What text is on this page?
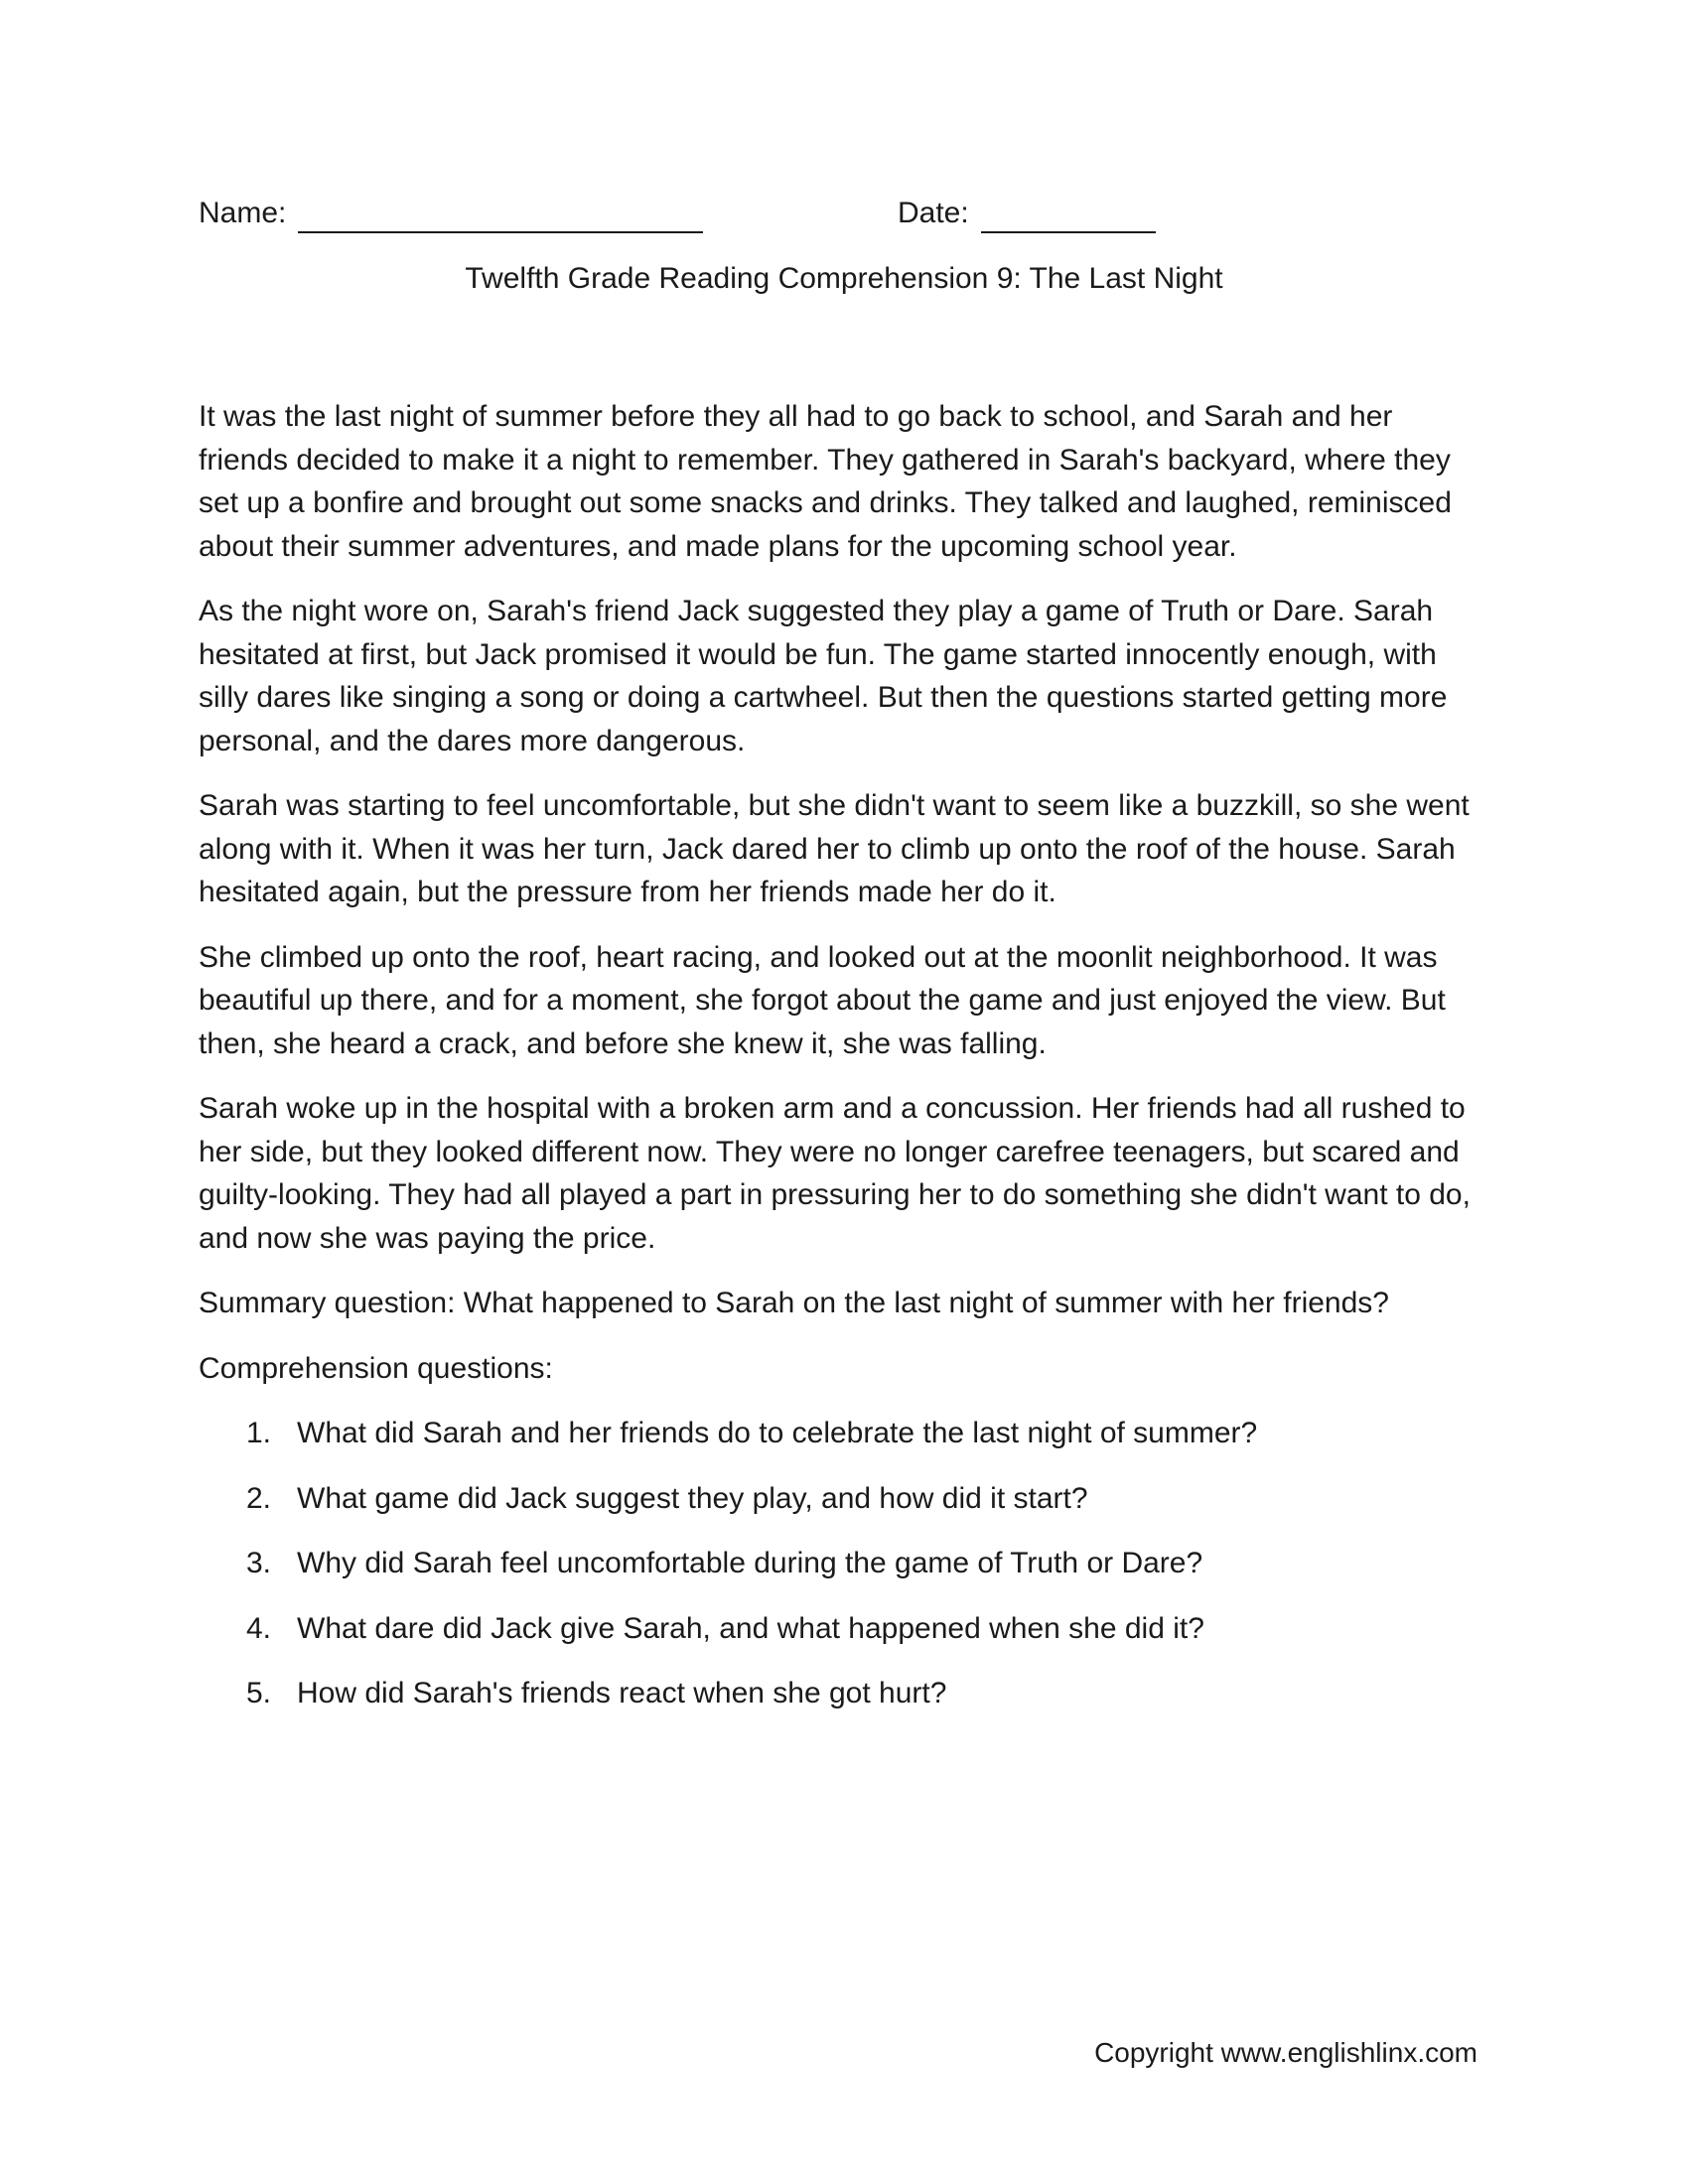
Name:	Date:
Twelfth Grade Reading Comprehension 9: The Last Night

It was the last night of summer before they all had to go back to school, and Sarah and her friends decided to make it a night to remember. They gathered in Sarah's backyard, where they set up a bonfire and brought out some snacks and drinks. They talked and laughed, reminisced about their summer adventures, and made plans for the upcoming school year.

As the night wore on, Sarah's friend Jack suggested they play a game of Truth or Dare. Sarah hesitated at first, but Jack promised it would be fun. The game started innocently enough, with silly dares like singing a song or doing a cartwheel. But then the questions started getting more personal, and the dares more dangerous.

Sarah was starting to feel uncomfortable, but she didn't want to seem like a buzzkill, so she went along with it. When it was her turn, Jack dared her to climb up onto the roof of the house. Sarah hesitated again, but the pressure from her friends made her do it.

She climbed up onto the roof, heart racing, and looked out at the moonlit neighborhood. It was beautiful up there, and for a moment, she forgot about the game and just enjoyed the view. But then, she heard a crack, and before she knew it, she was falling.

Sarah woke up in the hospital with a broken arm and a concussion. Her friends had all rushed to her side, but they looked different now. They were no longer carefree teenagers, but scared and guilty-looking. They had all played a part in pressuring her to do something she didn't want to do, and now she was paying the price.

Summary question: What happened to Sarah on the last night of summer with her friends?

Comprehension questions:

1. What did Sarah and her friends do to celebrate the last night of summer?
2. What game did Jack suggest they play, and how did it start?
3. Why did Sarah feel uncomfortable during the game of Truth or Dare?
4. What dare did Jack give Sarah, and what happened when she did it?
5. How did Sarah's friends react when she got hurt?
Copyright www.englishlinx.com
